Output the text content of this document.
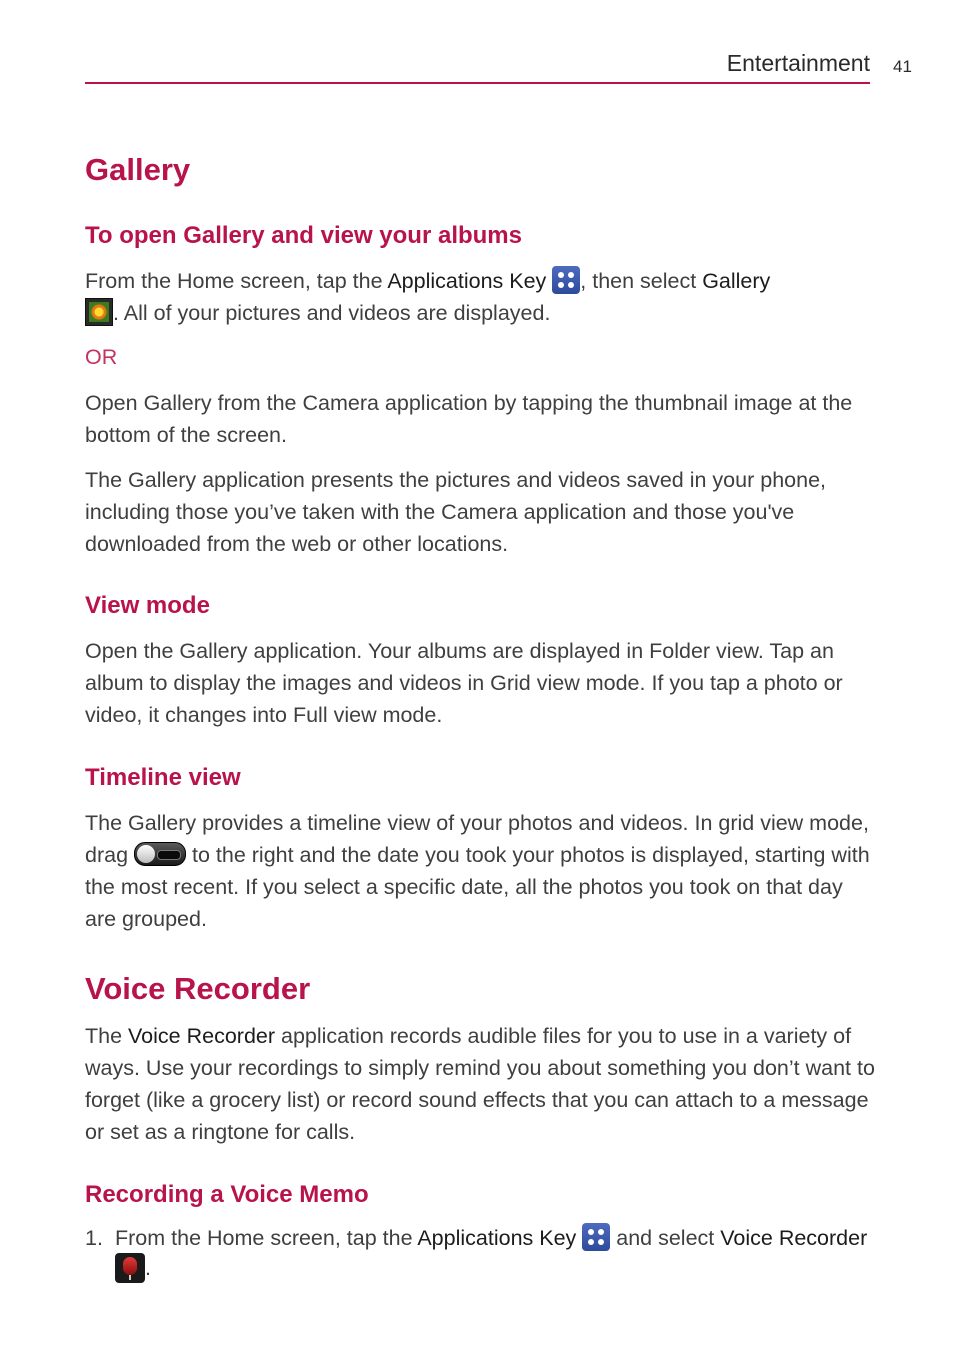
Entertainment 41
Gallery
To open Gallery and view your albums

From the Home screen, tap the Applications Key , then select Gallery

. All of your pictures and videos are displayed.

OR

Open Gallery from the Camera application by tapping the thumbnail image at the bottom of the screen.

The Gallery application presents the pictures and videos saved in your phone, including those you’ve taken with the Camera application and those you've downloaded from the web or other locations.

View mode

Open the Gallery application. Your albums are displayed in Folder view. Tap an album to display the images and videos in Grid view mode. If you tap a photo or video, it changes into Full view mode.

Timeline view

The Gallery provides a timeline view of your photos and videos. In grid view mode, drag
to the right and the date you took your photos is displayed, starting with the most recent. If you select a specific date, all the photos you took on that day are grouped.

Voice Recorder

The Voice Recorder application records audible files for you to use in a variety of ways. Use your recordings to simply remind you about something you don’t want to forget (like a grocery list) or record sound effects that you can attach to a message or set as a ringtone for calls.

Recording a Voice Memo
1. From the Home screen, tap the Applications Key
and select Voice Recorder
.
